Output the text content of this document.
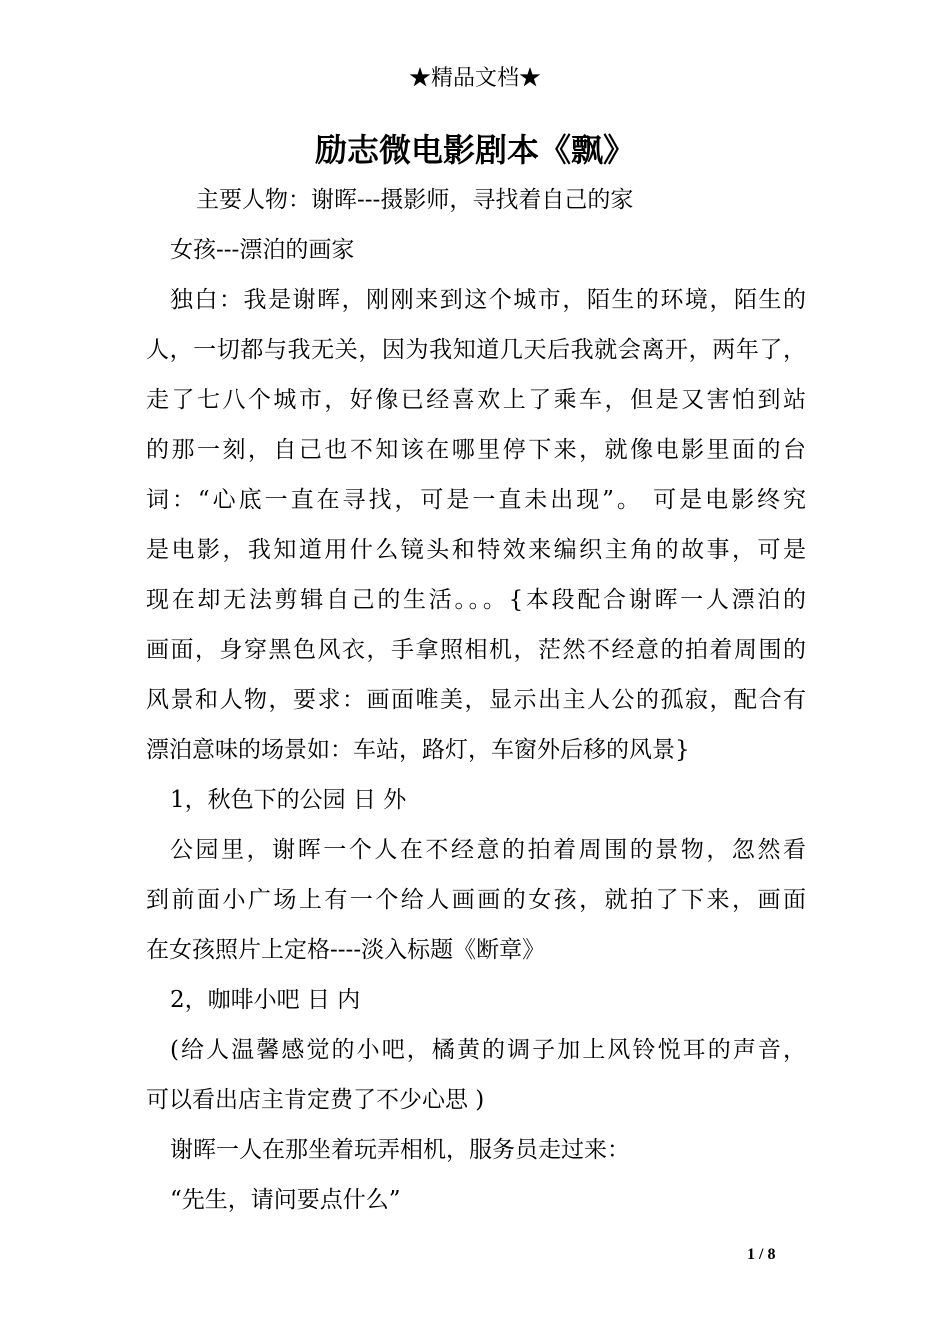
★精品文档★
励志微电影剧本《飘》
主要人物：谢晖---摄影师，寻找着自己的家
女孩---漂泊的画家
独白：我是谢晖，刚刚来到这个城市，陌生的环境，陌生的
人，一切都与我无关，因为我知道几天后我就会离开，两年了，
走了七八个城市，好像已经喜欢上了乘车，但是又害怕到站
的那一刻，自己也不知该在哪里停下来，就像电影里面的台
词：“心底一直在寻找，可是一直未出现”。 可是电影终究
是电影，我知道用什么镜头和特效来编织主角的故事，可是
现在却无法剪辑自己的生活。。。{本段配合谢晖一人漂泊的
画面，身穿黑色风衣，手拿照相机，茫然不经意的拍着周围的
风景和人物，要求：画面唯美，显示出主人公的孤寂，配合有
漂泊意味的场景如：车站，路灯，车窗外后移的风景}
1，秋色下的公园 日 外
公园里，谢晖一个人在不经意的拍着周围的景物，忽然看
到前面小广场上有一个给人画画的女孩，就拍了下来，画面
在女孩照片上定格----淡入标题《断章》
2，咖啡小吧 日 内
(给人温馨感觉的小吧，橘黄的调子加上风铃悦耳的声音，
可以看出店主肯定费了不少心思 )
谢晖一人在那坐着玩弄相机，服务员走过来：
“先生，请问要点什么”
1 / 8
